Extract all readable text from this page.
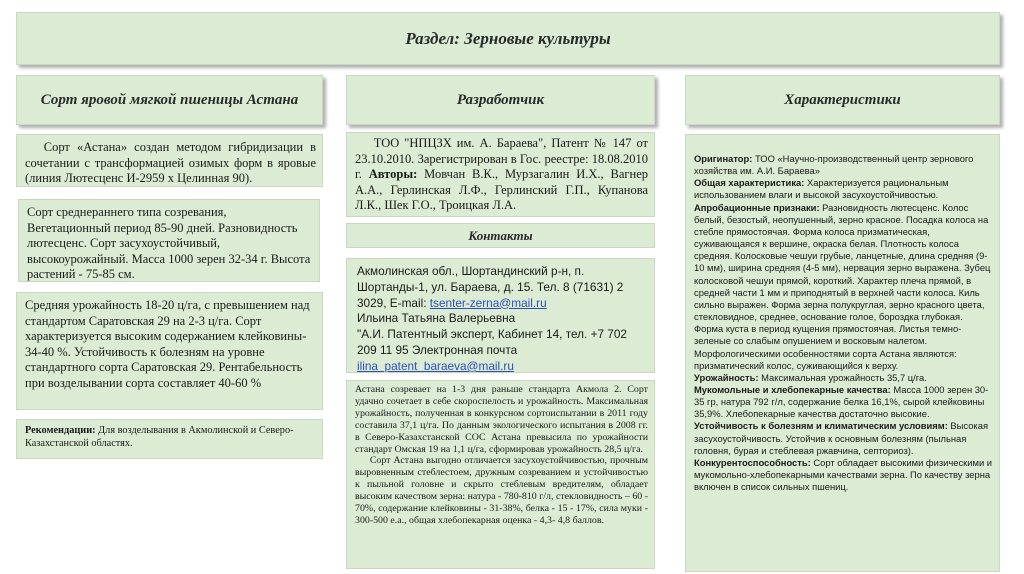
Раздел: Зерновые культуры
Сорт яровой мягкой пшеницы Астана

Сорт «Астана» создан методом гибридизации в сочетании с трансформацией озимых форм в яровые (линия Лютесценс И-2959 х Целинная 90).

Сорт среднераннего типа созревания, Вегетационный период 85-90 дней. Разновидность лютесценс. Сорт засухоустойчивый, высокоурожайный. Масса 1000 зерен 32-34 г. Высота растений - 75-85 см.

Средняя урожайность 18-20 ц/га, с превышением над стандартом Саратовская 29 на 2-3 ц/га. Сорт характеризуется высоким содержанием клейковины- 34-40 %. Устойчивость к болезням на уровне стандартного сорта Саратовская 29. Рентабельность при возделывании сорта составляет 40-60 %

Рекомендации: Для возделывания в Акмолинской и Северо-Казахстанской областях.

Разработчик

ТОО "НПЦЗХ им. А. Бараева", Патент № 147 от 23.10.2010. Зарегистрирован в Гос. реестре: 18.08.2010 г. Авторы: Мовчан В.К., Мурзагалин И.Х., Вагнер А.А., Герлинская Л.Ф., Герлинский Г.П., Купанова Л.К., Шек Г.О., Троицкая Л.А.

Контакты

Акмолинская обл., Шортандинский р-н, п. Шортанды-1, ул. Бараева, д. 15. Тел. 8 (71631) 2 3029, E-mail: tsenter-zerna@mail.ru
Ильина Татьяна Валерьевна
"А.И. Патентный эксперт, Кабинет 14, тел. +7 702 209 11 95 Электронная почта ilina_patent_baraeva@mail.ru

Астана созревает на 1-3 дня раньше стандарта Акмола 2. Сорт удачно сочетает в себе скороспелость и урожайность. Максимальная урожайность, полученная в конкурсном сортоиспытании в 2011 году составила 37,1 ц/га. По данным экологического испытания в 2008 гг. в Северо-Казахстанской СОС Астана превысила по урожайности стандарт Омская 19 на 1,1 ц/га, сформировав урожайность 28,5 ц/га.

Сорт Астана выгодно отличается засухоустойчивостью, прочным выровненным стеблестоем, дружным созреванием и устойчивостью к пыльной головне и скрыто стеблевым вредителям, обладает высоким качеством зерна: натура - 780-810 г/л, стекловидность – 60 - 70%, содержание клейковины - 31-38%, белка - 15 - 17%, сила муки - 300-500 е.а., общая хлебопекарная оценка - 4,3- 4,8 баллов.

Характеристики

Оригинатор: ТОО «Научно-производственный центр зернового хозяйства им. А.И. Бараева»

Общая характеристика: Характеризуется рациональным использованием влаги и высокой засухоустойчивостью.

Апробационные признаки: Разновидность лютесценс. Колос белый, безостый, неопушенный, зерно красное. Посадка колоса на стебле прямостоячая. Форма колоса призматическая, суживающаяся к вершине, окраска белая. Плотность колоса средняя. Колосковые чешуи грубые, ланцетные, длина средняя (9-10 мм), ширина средняя (4-5 мм), нервация зерно выражена. Зубец колосковой чешуи прямой, короткий. Характер плеча прямой, в средней части 1 мм и приподнятый в верхней части колоса. Киль сильно выражен. Форма зерна полукруглая, зерно красного цвета, стекловидное, среднее, основание голое, бороздка глубокая. Форма куста в период кущения прямостоячая. Листья темно-зеленые со слабым опушением и восковым налетом. Морфологическими особенностями сорта Астана являются: призматический колос, суживающийся к верху.

Урожайность: Максимальная урожайность 35,7 ц/га.

Мукомольные и хлебопекарные качества: Масса 1000 зерен 30-35 гр, натура 792 г/л, содержание белка 16,1%, сырой клейковины 35,9%. Хлебопекарные качества достаточно высокие.

Устойчивость к болезням и климатическим условиям: Высокая засухоустойчивость. Устойчив к основным болезням (пыльная головня, бурая и стеблевая ржавчина, септориоз).

Конкурентоспособность: Сорт обладает высокими физическими и мукомольно-хлебопекарными качествами зерна. По качеству зерна включен в список сильных пшениц.
